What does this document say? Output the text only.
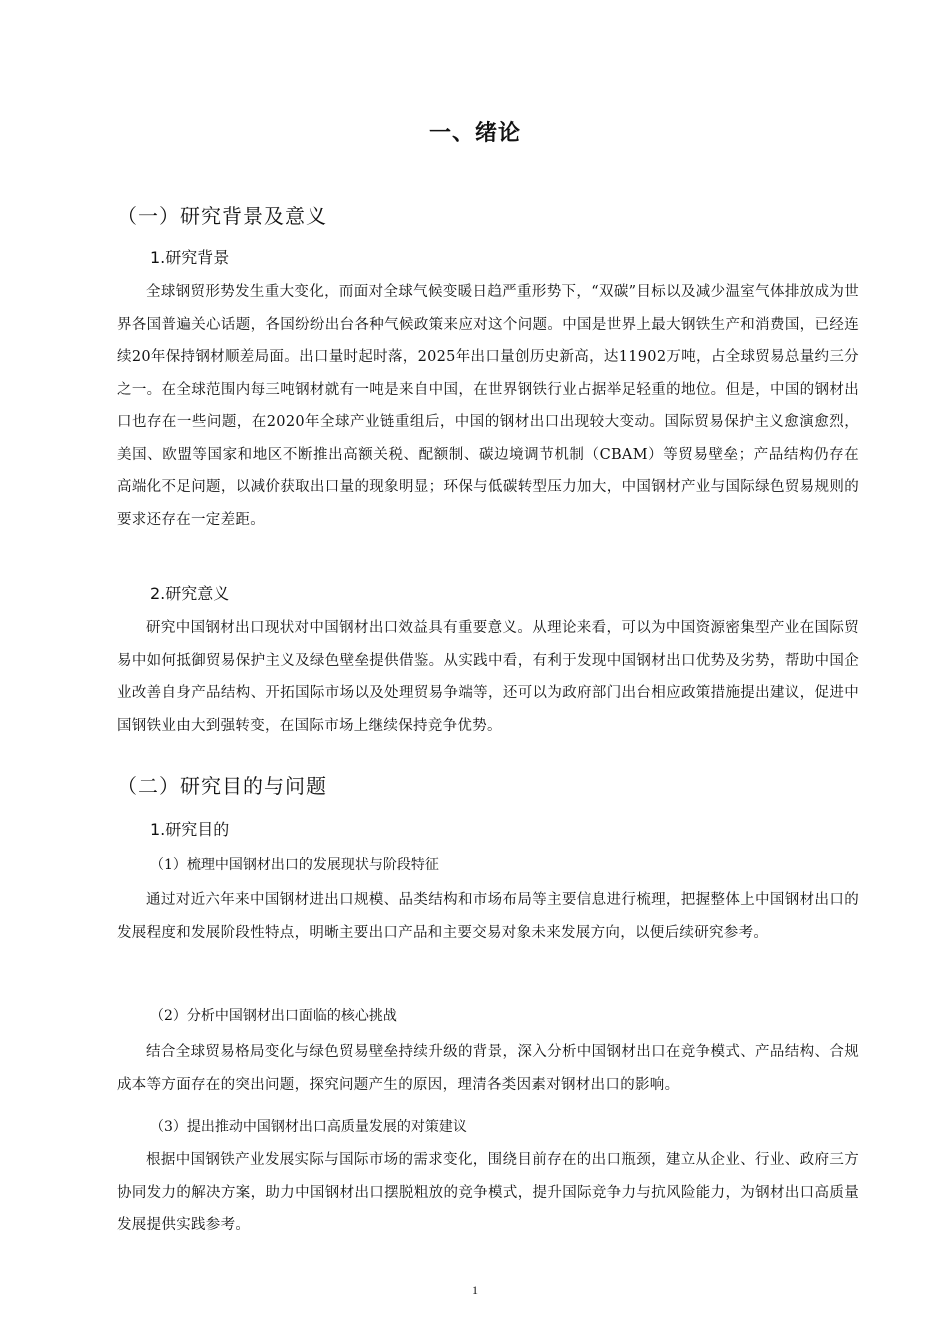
一、绪论
（一）研究背景及意义
1.研究背景
全球钢贸形势发生重大变化，而面对全球气候变暖日趋严重形势下，“双碳”目标以及减少温室气体排放成为世界各国普遍关心话题，各国纷纷出台各种气候政策来应对这个问题。中国是世界上最大钢铁生产和消费国，已经连续20年保持钢材顺差局面。出口量时起时落，2025年出口量创历史新高，达11902万吨，占全球贸易总量约三分之一。在全球范围内每三吨钢材就有一吨是来自中国，在世界钢铁行业占据举足轻重的地位。但是，中国的钢材出口也存在一些问题，在2020年全球产业链重组后，中国的钢材出口出现较大变动。国际贸易保护主义愈演愈烈，美国、欧盟等国家和地区不断推出高额关税、配额制、碳边境调节机制（CBAM）等贸易壁垒；产品结构仍存在高端化不足问题，以减价获取出口量的现象明显；环保与低碳转型压力加大，中国钢材产业与国际绿色贸易规则的要求还存在一定差距。
2.研究意义
研究中国钢材出口现状对中国钢材出口效益具有重要意义。从理论来看，可以为中国资源密集型产业在国际贸易中如何抵御贸易保护主义及绿色壁垒提供借鉴。从实践中看，有利于发现中国钢材出口优势及劣势，帮助中国企业改善自身产品结构、开拓国际市场以及处理贸易争端等，还可以为政府部门出台相应政策措施提出建议，促进中国钢铁业由大到强转变，在国际市场上继续保持竞争优势。
（二）研究目的与问题
1.研究目的
（1）梳理中国钢材出口的发展现状与阶段特征
通过对近六年来中国钢材进出口规模、品类结构和市场布局等主要信息进行梳理，把握整体上中国钢材出口的发展程度和发展阶段性特点，明晰主要出口产品和主要交易对象未来发展方向，以便后续研究参考。
（2）分析中国钢材出口面临的核心挑战
结合全球贸易格局变化与绿色贸易壁垒持续升级的背景，深入分析中国钢材出口在竞争模式、产品结构、合规成本等方面存在的突出问题，探究问题产生的原因，理清各类因素对钢材出口的影响。
（3）提出推动中国钢材出口高质量发展的对策建议
根据中国钢铁产业发展实际与国际市场的需求变化，围绕目前存在的出口瓶颈，建立从企业、行业、政府三方协同发力的解决方案，助力中国钢材出口摆脱粗放的竞争模式，提升国际竞争力与抗风险能力，为钢材出口高质量发展提供实践参考。
1
